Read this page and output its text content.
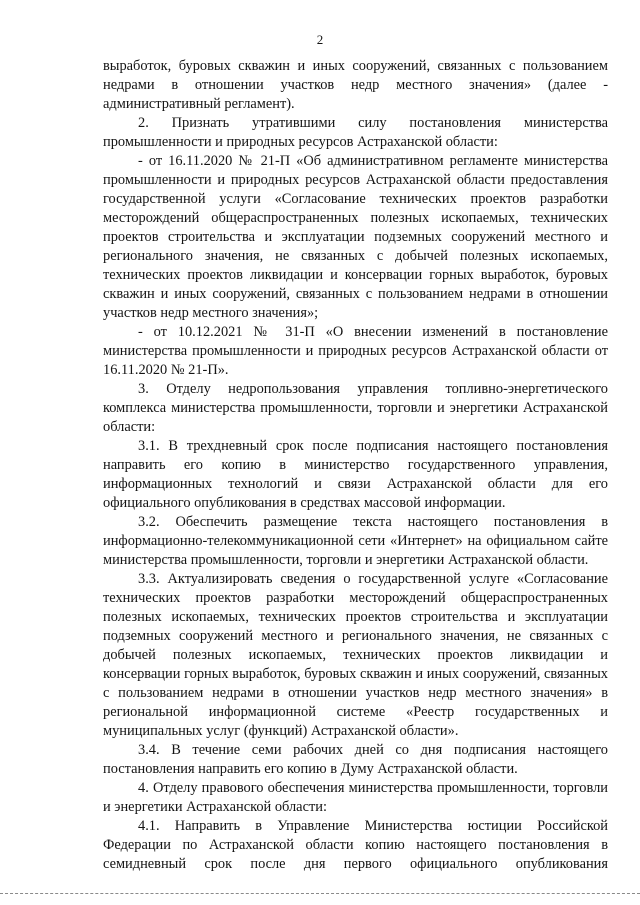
2

выработок, буровых скважин и иных сооружений, связанных с пользованием недрами в отношении участков недр местного значения» (далее - административный регламент).

2. Признать утратившими силу постановления министерства промышленности и природных ресурсов Астраханской области:

- от 16.11.2020 № 21-П «Об административном регламенте министерства промышленности и природных ресурсов Астраханской области предоставления государственной услуги «Согласование технических проектов разработки месторождений общераспространенных полезных ископаемых, технических проектов строительства и эксплуатации подземных сооружений местного и регионального значения, не связанных с добычей полезных ископаемых, технических проектов ликвидации и консервации горных выработок, буровых скважин и иных сооружений, связанных с пользованием недрами в отношении участков недр местного значения»;

- от 10.12.2021 № 31-П «О внесении изменений в постановление министерства промышленности и природных ресурсов Астраханской области от 16.11.2020 № 21-П».

3. Отделу недропользования управления топливно-энергетического комплекса министерства промышленности, торговли и энергетики Астраханской области:

3.1. В трехдневный срок после подписания настоящего постановления направить его копию в министерство государственного управления, информационных технологий и связи Астраханской области для его официального опубликования в средствах массовой информации.

3.2. Обеспечить размещение текста настоящего постановления в информационно-телекоммуникационной сети «Интернет» на официальном сайте министерства промышленности, торговли и энергетики Астраханской области.

3.3. Актуализировать сведения о государственной услуге «Согласование технических проектов разработки месторождений общераспространенных полезных ископаемых, технических проектов строительства и эксплуатации подземных сооружений местного и регионального значения, не связанных с добычей полезных ископаемых, технических проектов ликвидации и консервации горных выработок, буровых скважин и иных сооружений, связанных с пользованием недрами в отношении участков недр местного значения» в региональной информационной системе «Реестр государственных и муниципальных услуг (функций) Астраханской области».

3.4. В течение семи рабочих дней со дня подписания настоящего постановления направить его копию в Думу Астраханской области.

4. Отделу правового обеспечения министерства промышленности, торговли и энергетики Астраханской области:

4.1. Направить в Управление Министерства юстиции Российской Федерации по Астраханской области копию настоящего постановления в семидневный срок после дня первого официального опубликования
